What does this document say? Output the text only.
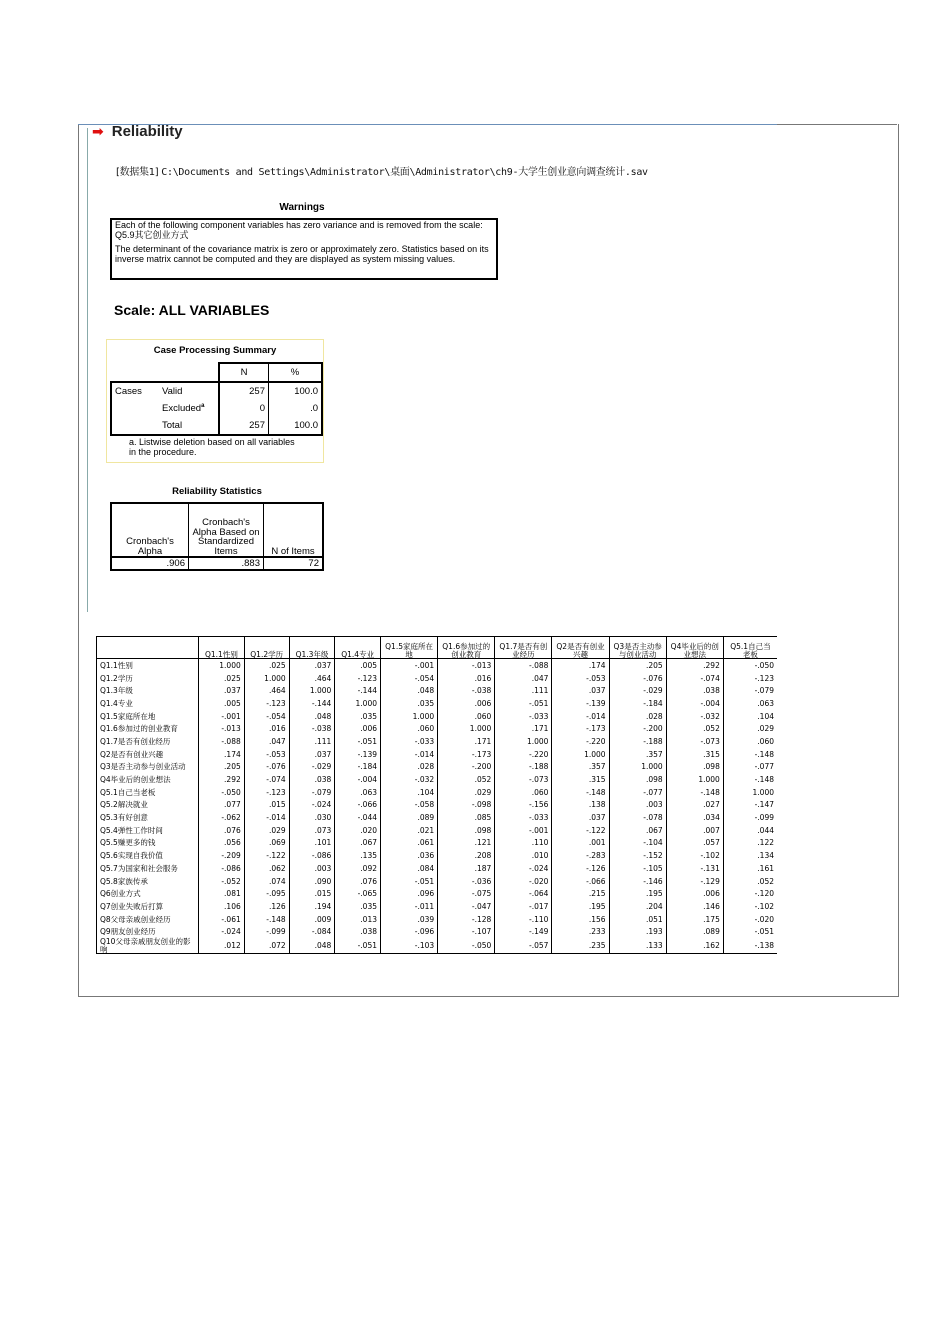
➡ Reliability
[数据集1] C:\Documents and Settings\Administrator\桌面\Administrator\ch9-大学生创业意向调查统计.sav
Warnings

Each of the following component variables has zero variance and is removed from the scale: Q5.9其它创业方式

The determinant of the covariance matrix is zero or approximately zero. Statistics based on its inverse matrix cannot be computed and they are displayed as system missing values.

Scale: ALL VARIABLES
Case Processing Summary
		N	%
Cases	Valid	257	100.0
	Excluded$^a$	0	.0
	Total	257	100.0
a. Listwise deletion based on all variables in the procedure.
Reliability Statistics
Cronbach's Alpha	Cronbach's Alpha Based on Standardized Items	N of Items
.906	.883	72
	Q1.1性别	Q1.2学历	Q1.3年级	Q1.4专业	Q1.5家庭所在地	Q1.6参加过的创业教育	Q1.7是否有创业经历	Q2是否有创业兴趣	Q3是否主动参与创业活动	Q4毕业后的创业想法	Q5.1自己当老板
Q1.1性别	1.000	.025	.037	.005	-.001	-.013	-.088	.174	.205	.292	-.050
Q1.2学历	.025	1.000	.464	-.123	-.054	.016	.047	-.053	-.076	-.074	-.123
Q1.3年级	.037	.464	1.000	-.144	.048	-.038	.111	.037	-.029	.038	-.079
Q1.4专业	.005	-.123	-.144	1.000	.035	.006	-.051	-.139	-.184	-.004	.063
Q1.5家庭所在地	-.001	-.054	.048	.035	1.000	.060	-.033	-.014	.028	-.032	.104
Q1.6参加过的创业教育	-.013	.016	-.038	.006	.060	1.000	.171	-.173	-.200	.052	.029
Q1.7是否有创业经历	-.088	.047	.111	-.051	-.033	.171	1.000	-.220	-.188	-.073	.060
Q2是否有创业兴趣	.174	-.053	.037	-.139	-.014	-.173	-.220	1.000	.357	.315	-.148
Q3是否主动参与创业活动	.205	-.076	-.029	-.184	.028	-.200	-.188	.357	1.000	.098	-.077
Q4毕业后的创业想法	.292	-.074	.038	-.004	-.032	.052	-.073	.315	.098	1.000	-.148
Q5.1自己当老板	-.050	-.123	-.079	.063	.104	.029	.060	-.148	-.077	-.148	1.000
Q5.2解决就业	.077	.015	-.024	-.066	-.058	-.098	-.156	.138	.003	.027	-.147
Q5.3有好创意	-.062	-.014	.030	-.044	.089	.085	-.033	.037	-.078	.034	-.099
Q5.4弹性工作时间	.076	.029	.073	.020	.021	.098	-.001	-.122	.067	.007	.044
Q5.5赚更多的钱	.056	.069	.101	.067	.061	.121	.110	.001	-.104	.057	.122
Q5.6实现自我价值	-.209	-.122	-.086	.135	.036	.208	.010	-.283	-.152	-.102	.134
Q5.7为国家和社会服务	-.086	.062	.003	.092	.084	.187	-.024	-.126	-.105	-.131	.161
Q5.8家族传承	-.052	.074	.090	.076	-.051	-.036	-.020	-.066	-.146	-.129	.052
Q6创业方式	.081	-.095	.015	-.065	.096	-.075	-.064	.215	.195	.006	-.120
Q7创业失败后打算	.106	.126	.194	.035	-.011	-.047	-.017	.195	.204	.146	-.102
Q8父母亲戚创业经历	-.061	-.148	.009	.013	.039	-.128	-.110	.156	.051	.175	-.020
Q9朋友创业经历	-.024	-.099	-.084	.038	-.096	-.107	-.149	.233	.193	.089	-.051
Q10父母亲戚朋友创业的影响	.012	.072	.048	-.051	-.103	-.050	-.057	.235	.133	.162	-.138
